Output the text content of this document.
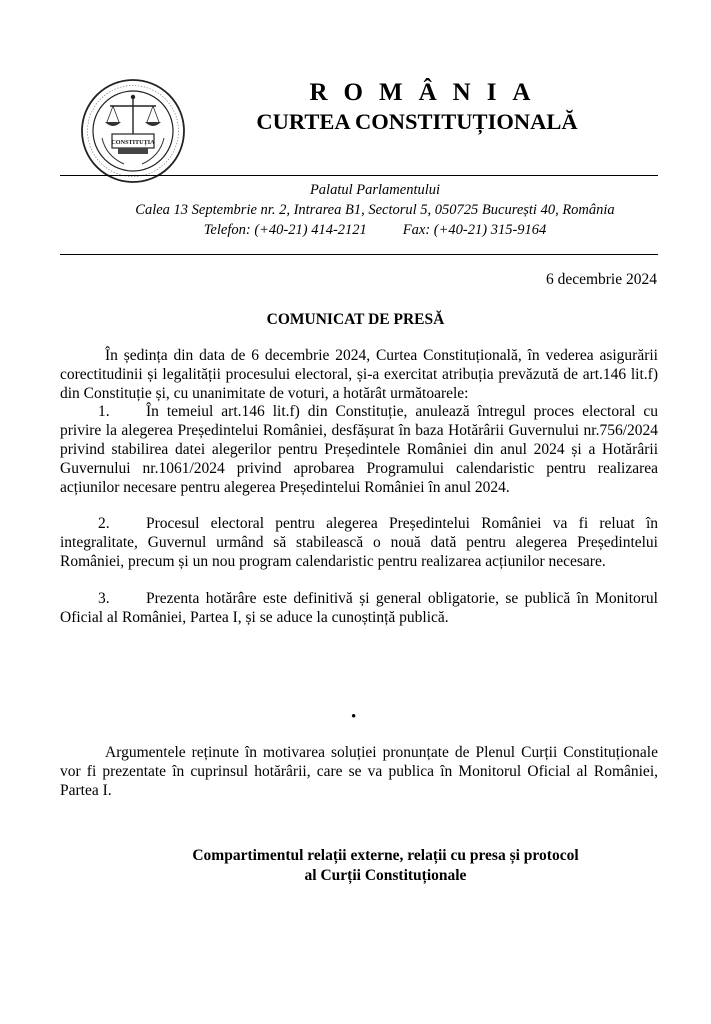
CONSTITUȚIA
ROMÂNIA
CURTEA CONSTITUȚIONALĂ
Palatul Parlamentului
Calea 13 Septembrie nr. 2, Intrarea B1, Sectorul 5, 050725 București 40, România
Telefon: (+40-21) 414-2121 Fax: (+40-21) 315-9164
6 decembrie 2024
COMUNICAT DE PRESĂ

În ședința din data de 6 decembrie 2024, Curtea Constituțională, în vederea asigurării corectitudinii și legalității procesului electoral, și-a exercitat atribuția prevăzută de art.146 lit.f) din Constituție și, cu unanimitate de voturi, a hotărât următoarele:

1. În temeiul art.146 lit.f) din Constituție, anulează întregul proces electoral cu privire la alegerea Președintelui României, desfășurat în baza Hotărârii Guvernului nr.756/2024 privind stabilirea datei alegerilor pentru Președintele României din anul 2024 și a Hotărârii Guvernului nr.1061/2024 privind aprobarea Programului calendaristic pentru realizarea acțiunilor necesare pentru alegerea Președintelui României în anul 2024.

2. Procesul electoral pentru alegerea Președintelui României va fi reluat în integralitate, Guvernul urmând să stabilească o nouă dată pentru alegerea Președintelui României, precum și un nou program calendaristic pentru realizarea acțiunilor necesare.

3. Prezenta hotărâre este definitivă și general obligatorie, se publică în Monitorul Oficial al României, Partea I, și se aduce la cunoștință publică.

•

Argumentele reținute în motivarea soluției pronunțate de Plenul Curții Constituționale vor fi prezentate în cuprinsul hotărârii, care se va publica în Monitorul Oficial al României, Partea I.

Compartimentul relații externe, relații cu presa și protocol
al Curții Constituționale
